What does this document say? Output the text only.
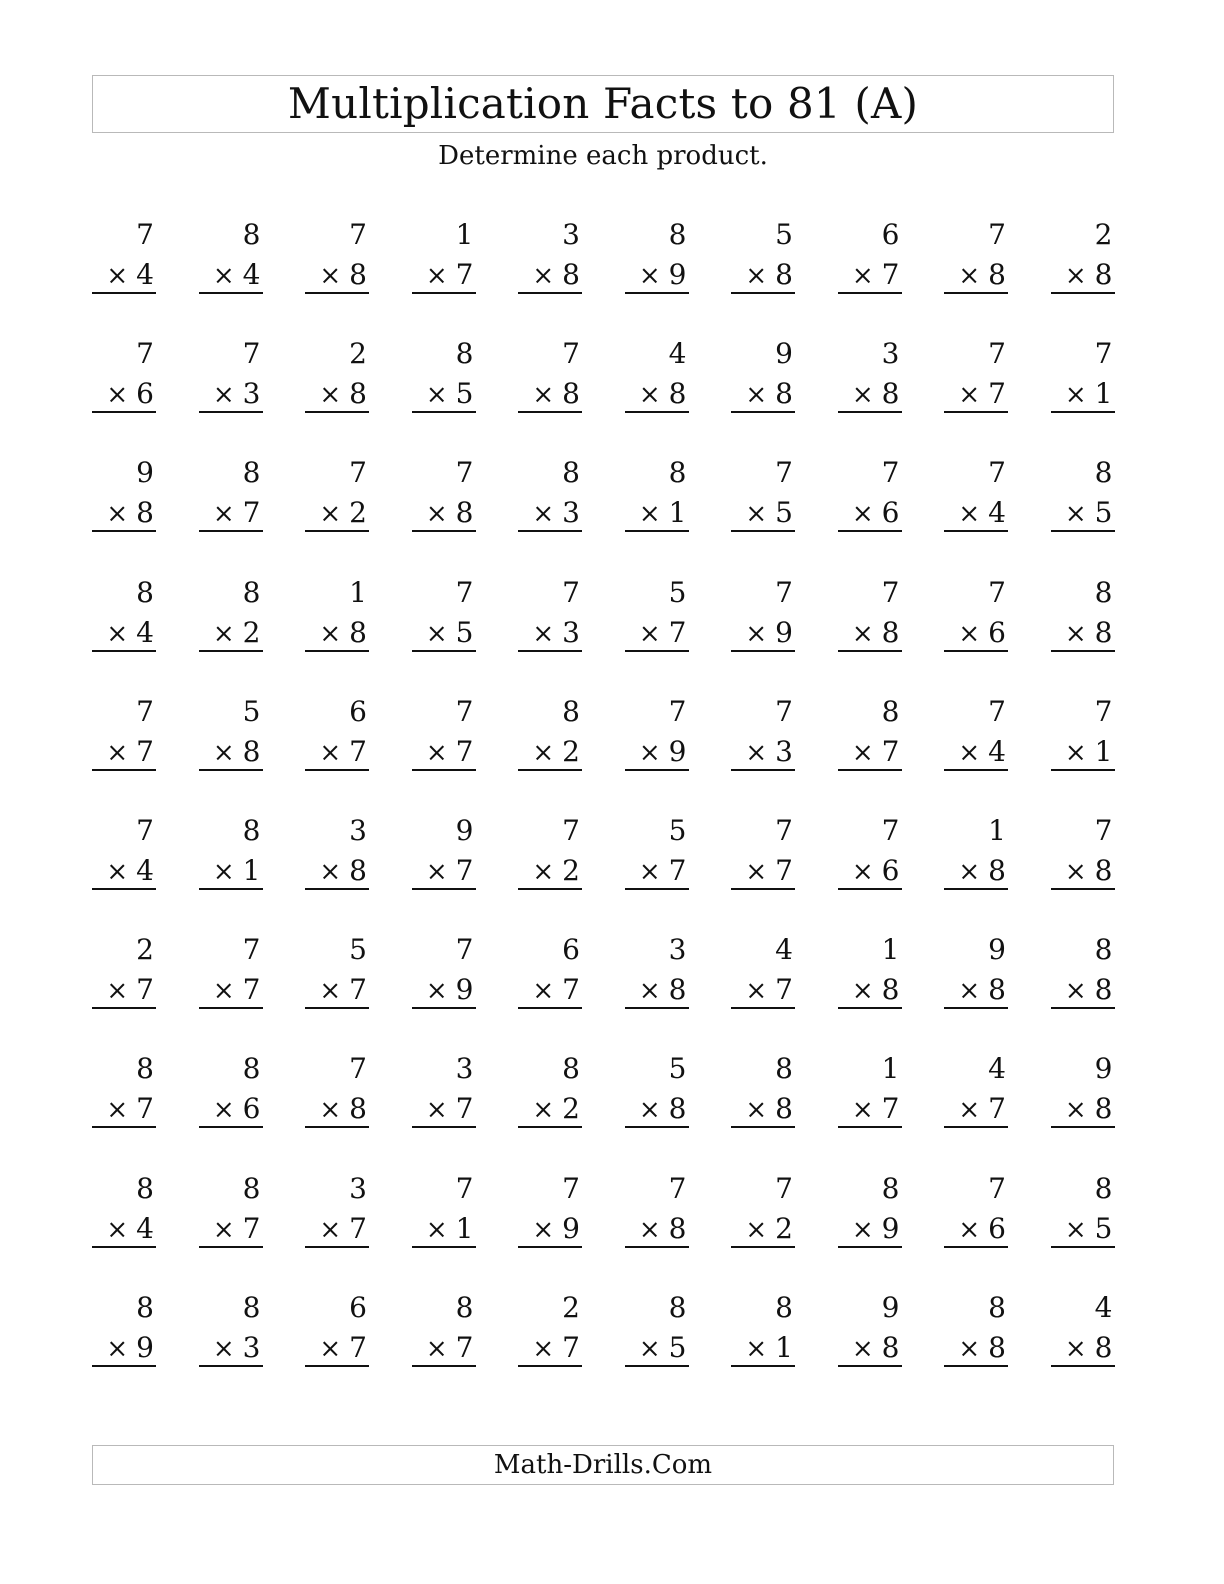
Multiplication Facts to 81 (A)
Determine each product.
7
× 4
8
× 4
7
× 8
1
× 7
3
× 8
8
× 9
5
× 8
6
× 7
7
× 8
2
× 8
7
× 6
7
× 3
2
× 8
8
× 5
7
× 8
4
× 8
9
× 8
3
× 8
7
× 7
7
× 1
9
× 8
8
× 7
7
× 2
7
× 8
8
× 3
8
× 1
7
× 5
7
× 6
7
× 4
8
× 5
8
× 4
8
× 2
1
× 8
7
× 5
7
× 3
5
× 7
7
× 9
7
× 8
7
× 6
8
× 8
7
× 7
5
× 8
6
× 7
7
× 7
8
× 2
7
× 9
7
× 3
8
× 7
7
× 4
7
× 1
7
× 4
8
× 1
3
× 8
9
× 7
7
× 2
5
× 7
7
× 7
7
× 6
1
× 8
7
× 8
2
× 7
7
× 7
5
× 7
7
× 9
6
× 7
3
× 8
4
× 7
1
× 8
9
× 8
8
× 8
8
× 7
8
× 6
7
× 8
3
× 7
8
× 2
5
× 8
8
× 8
1
× 7
4
× 7
9
× 8
8
× 4
8
× 7
3
× 7
7
× 1
7
× 9
7
× 8
7
× 2
8
× 9
7
× 6
8
× 5
8
× 9
8
× 3
6
× 7
8
× 7
2
× 7
8
× 5
8
× 1
9
× 8
8
× 8
4
× 8
Math-Drills.Com
